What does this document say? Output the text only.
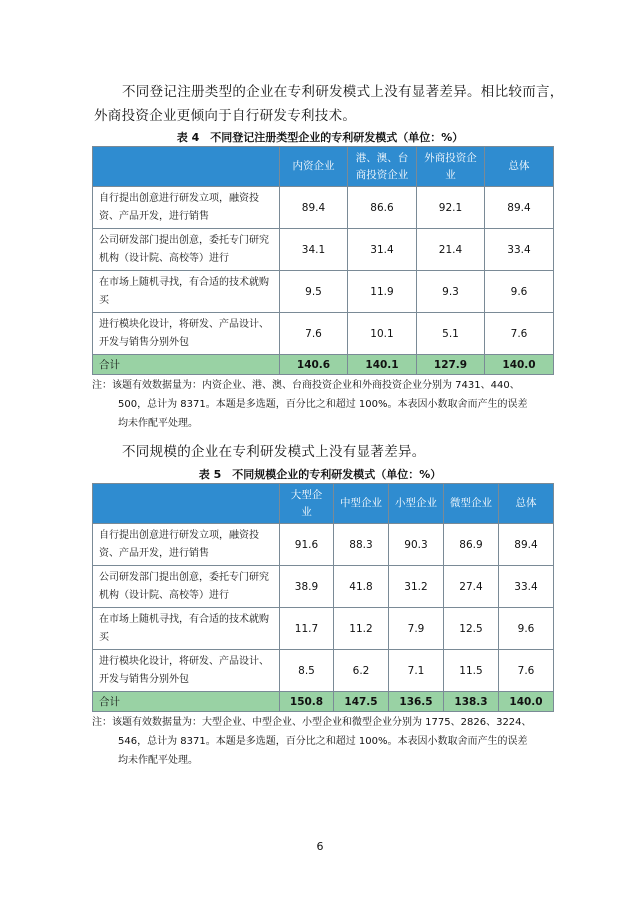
不同登记注册类型的企业在专利研发模式上没有显著差异。相比较而言，外商投资企业更倾向于自行研发专利技术。
表 4　不同登记注册类型企业的专利研发模式（单位：%）
	内资企业	港、澳、台商投资企业	外商投资企业	总体
自行提出创意进行研发立项，融资投资、产品开发，进行销售	89.4	86.6	92.1	89.4
公司研发部门提出创意，委托专门研究机构（设计院、高校等）进行	34.1	31.4	21.4	33.4
在市场上随机寻找，有合适的技术就购买	9.5	11.9	9.3	9.6
进行模块化设计，将研发、产品设计、开发与销售分别外包	7.6	10.1	5.1	7.6
合计	140.6	140.1	127.9	140.0
注：该题有效数据量为：内资企业、港、澳、台商投资企业和外商投资企业分别为 7431、440、
500，总计为 8371。本题是多选题，百分比之和超过 100%。本表因小数取舍而产生的误差
均未作配平处理。
不同规模的企业在专利研发模式上没有显著差异。
表 5　不同规模企业的专利研发模式（单位：%）
	大型企业	中型企业	小型企业	微型企业	总体
自行提出创意进行研发立项，融资投资、产品开发，进行销售	91.6	88.3	90.3	86.9	89.4
公司研发部门提出创意，委托专门研究机构（设计院、高校等）进行	38.9	41.8	31.2	27.4	33.4
在市场上随机寻找，有合适的技术就购买	11.7	11.2	7.9	12.5	9.6
进行模块化设计，将研发、产品设计、开发与销售分别外包	8.5	6.2	7.1	11.5	7.6
合计	150.8	147.5	136.5	138.3	140.0
注：该题有效数据量为：大型企业、中型企业、小型企业和微型企业分别为 1775、2826、3224、
546，总计为 8371。本题是多选题，百分比之和超过 100%。本表因小数取舍而产生的误差
均未作配平处理。
6
